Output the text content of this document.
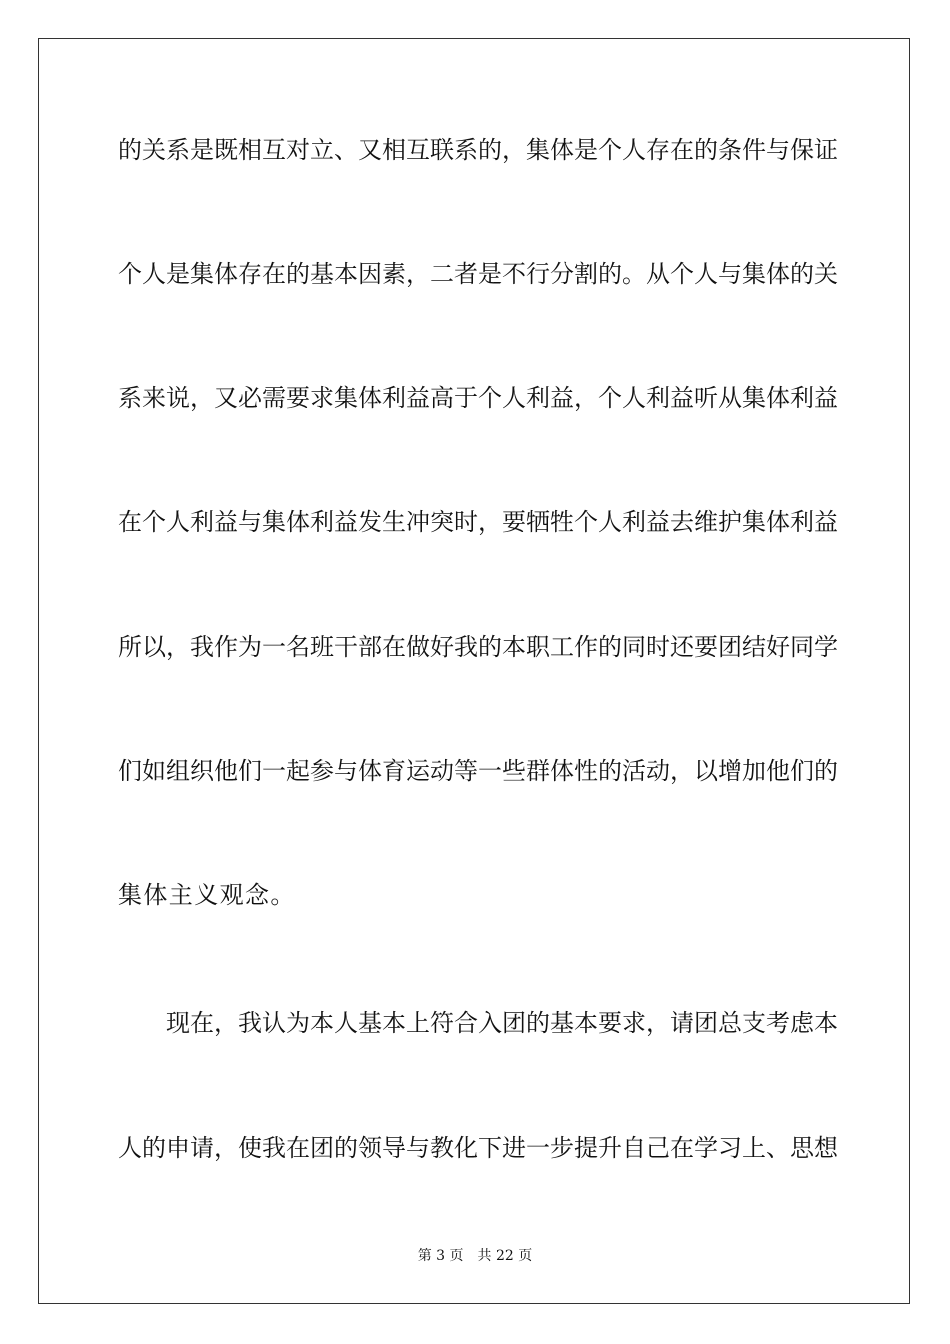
的关系是既相互对立、又相互联系的，集体是个人存在的条件与保证
个人是集体存在的基本因素，二者是不行分割的。从个人与集体的关
系来说，又必需要求集体利益高于个人利益，个人利益听从集体利益
在个人利益与集体利益发生冲突时，要牺牲个人利益去维护集体利益
所以，我作为一名班干部在做好我的本职工作的同时还要团结好同学
们如组织他们一起参与体育运动等一些群体性的活动，以增加他们的
集体主义观念。
现在，我认为本人基本上符合入团的基本要求，请团总支考虑本
人的申请，使我在团的领导与教化下进一步提升自己在学习上、思想
第 3 页　共 22 页
